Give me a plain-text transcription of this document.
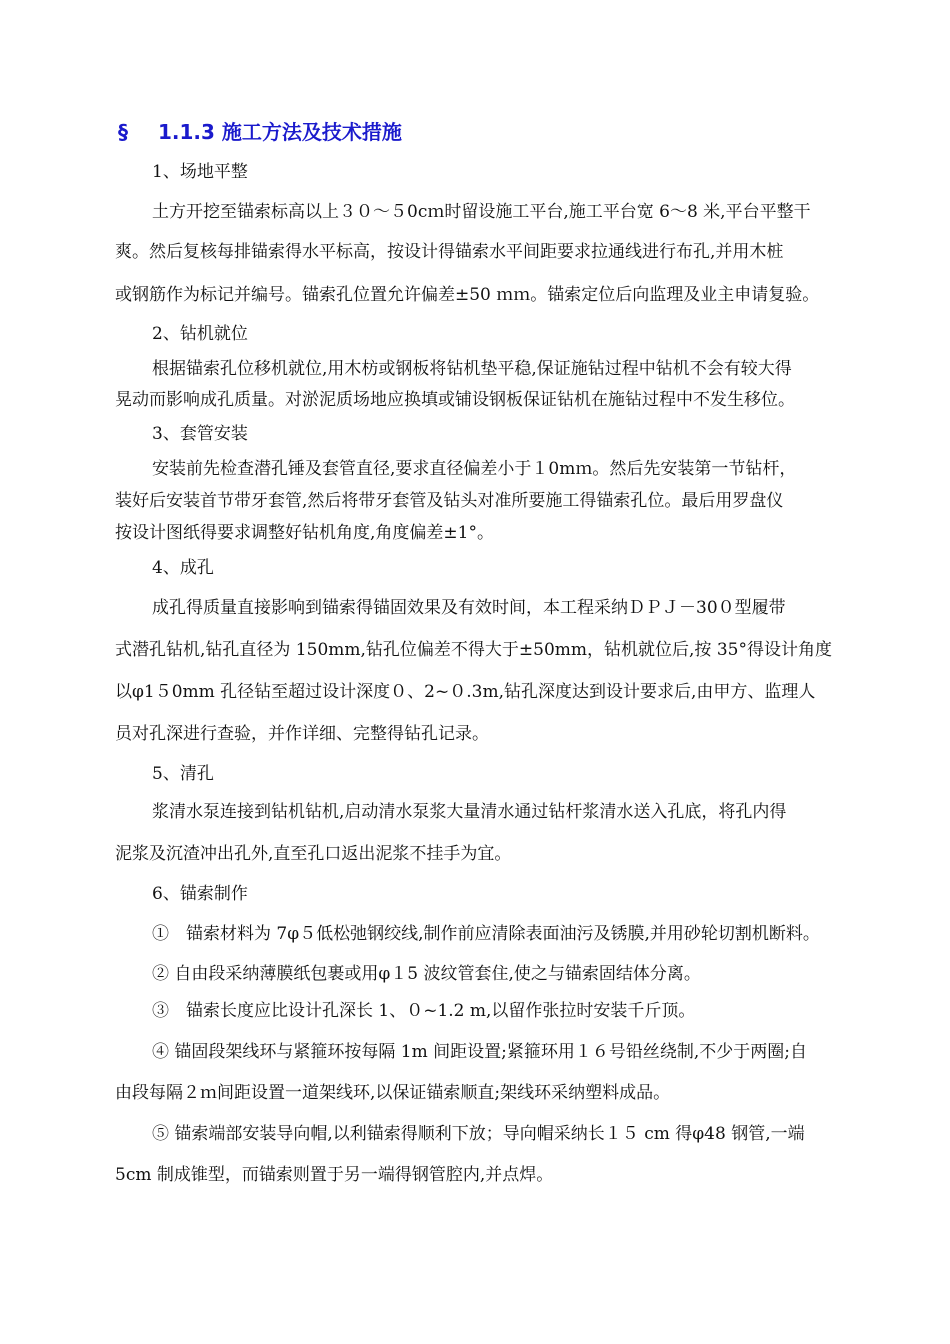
§ 1.1.3 施工方法及技术措施
1、场地平整
土方开挖至锚索标高以上３０～５0cｍ时留设施工平台,施工平台宽 6～8 米,平台平整干
爽。然后复核每排锚索得水平标高，按设计得锚索水平间距要求拉通线进行布孔,并用木桩
或钢筋作为标记并编号。锚索孔位置允许偏差±50 ｍｍ。锚索定位后向监理及业主申请复验。
2、钻机就位
根据锚索孔位移机就位,用木枋或钢板将钻机垫平稳,保证施钻过程中钻机不会有较大得
晃动而影响成孔质量。对淤泥质场地应换填或铺设钢板保证钻机在施钻过程中不发生移位。
3、套管安装
安装前先检查潜孔锤及套管直径,要求直径偏差小于１0mｍ。然后先安装第一节钻杆，
装好后安装首节带牙套管,然后将带牙套管及钻头对准所要施工得锚索孔位。最后用罗盘仪
按设计图纸得要求调整好钻机角度,角度偏差±1°。
4、成孔
成孔得质量直接影响到锚索得锚固效果及有效时间，本工程采纳ＤＰＪ－30０型履带
式潜孔钻机,钻孔直径为 150mm,钻孔位偏差不得大于±50mm，钻机就位后,按 35°得设计角度
以φ1５0mm 孔径钻至超过设计深度０、2~０.3m,钻孔深度达到设计要求后,由甲方、监理人
员对孔深进行查验，并作详细、完整得钻孔记录。
5、清孔
浆清水泵连接到钻机钻机,启动清水泵浆大量清水通过钻杆浆清水送入孔底，将孔内得
泥浆及沉渣冲出孔外,直至孔口返出泥浆不挂手为宜。
6、锚索制作
①　锚索材料为 7φ５低松弛钢绞线,制作前应清除表面油污及锈膜,并用砂轮切割机断料。
② 自由段采纳薄膜纸包裹或用φ１5 波纹管套住,使之与锚索固结体分离。
③　锚索长度应比设计孔深长 1、０~1.2 m,以留作张拉时安装千斤顶。
④ 锚固段架线环与紧箍环按每隔 1m 间距设置;紧箍环用１６号铅丝绕制,不少于两圈;自
由段每隔２ｍ间距设置一道架线环,以保证锚索顺直;架线环采纳塑料成品。
⑤ 锚索端部安装导向帽,以利锚索得顺利下放；导向帽采纳长１５ cm 得φ48 钢管,一端
5cm 制成锥型，而锚索则置于另一端得钢管腔内,并点焊。
